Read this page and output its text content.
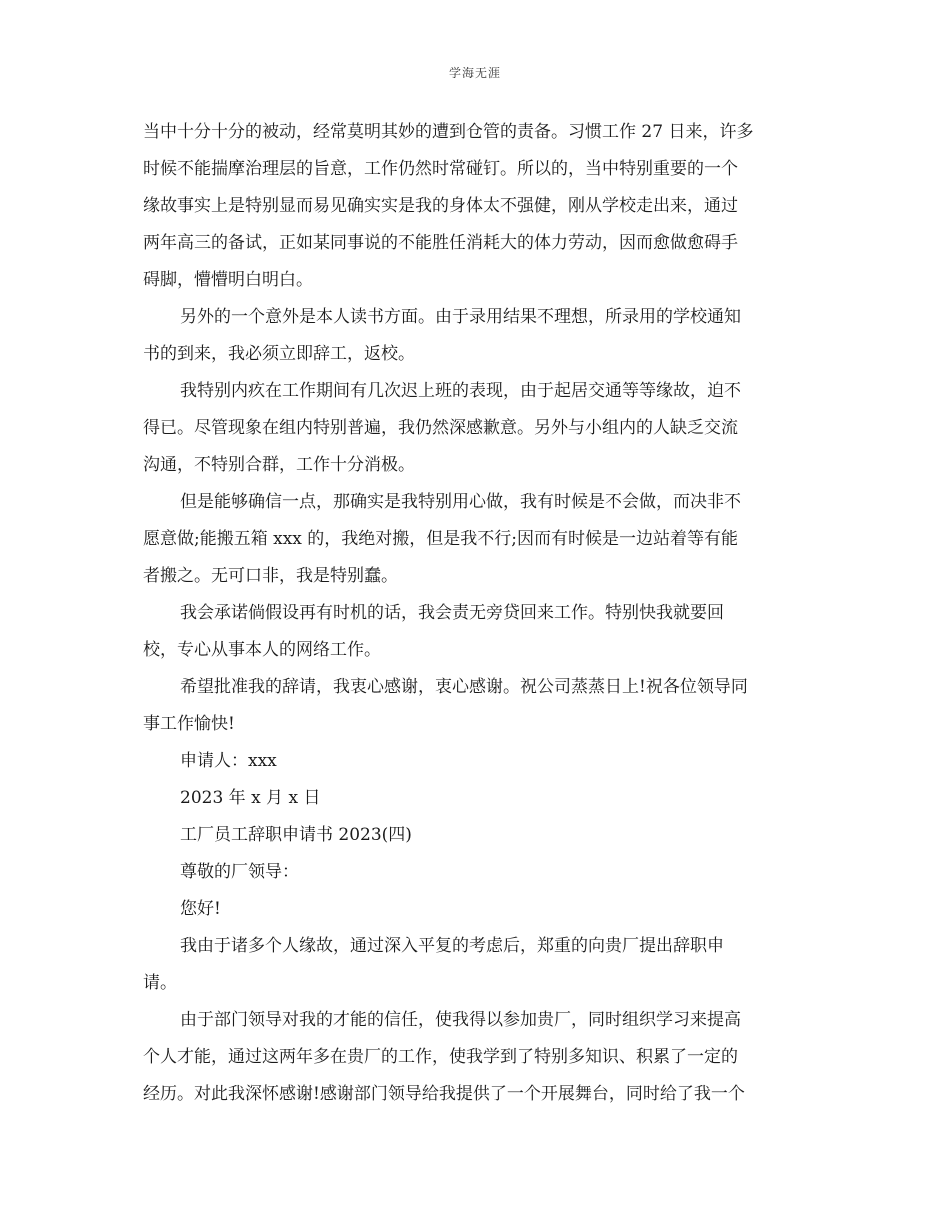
学海无涯
当中十分十分的被动，经常莫明其妙的遭到仓管的责备。习惯工作 27 日来，许多
时候不能揣摩治理层的旨意，工作仍然时常碰钉。所以的，当中特别重要的一个
缘故事实上是特别显而易见确实实是我的身体太不强健，刚从学校走出来，通过
两年高三的备试，正如某同事说的不能胜任消耗大的体力劳动，因而愈做愈碍手
碍脚，懵懵明白明白。
另外的一个意外是本人读书方面。由于录用结果不理想，所录用的学校通知
书的到来，我必须立即辞工，返校。
我特别内疚在工作期间有几次迟上班的表现，由于起居交通等等缘故，迫不
得已。尽管现象在组内特别普遍，我仍然深感歉意。另外与小组内的人缺乏交流
沟通，不特别合群，工作十分消极。
但是能够确信一点，那确实是我特别用心做，我有时候是不会做，而决非不
愿意做;能搬五箱 xxx 的，我绝对搬，但是我不行;因而有时候是一边站着等有能
者搬之。无可口非，我是特别蠢。
我会承诺倘假设再有时机的话，我会责无旁贷回来工作。特别快我就要回
校，专心从事本人的网络工作。
希望批准我的辞请，我衷心感谢，衷心感谢。祝公司蒸蒸日上!祝各位领导同
事工作愉快!
申请人：xxx
2023 年 x 月 x 日
工厂员工辞职申请书 2023(四)
尊敬的厂领导：
您好!
我由于诸多个人缘故，通过深入平复的考虑后，郑重的向贵厂提出辞职申
请。
由于部门领导对我的才能的信任，使我得以参加贵厂，同时组织学习来提高
个人才能，通过这两年多在贵厂的工作，使我学到了特别多知识、积累了一定的
经历。对此我深怀感谢!感谢部门领导给我提供了一个开展舞台，同时给了我一个
